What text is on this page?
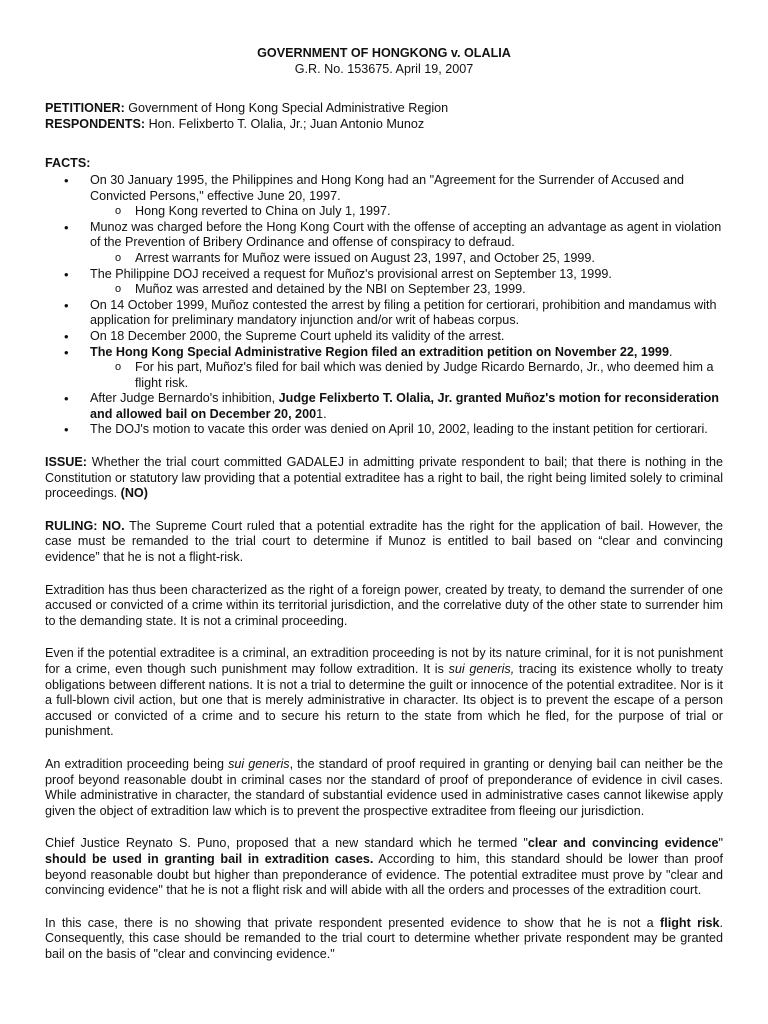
GOVERNMENT OF HONGKONG v. OLALIA

G.R. No. 153675. April 19, 2007

PETITIONER: Government of Hong Kong Special Administrative Region

RESPONDENTS: Hon. Felixberto T. Olalia, Jr.; Juan Antonio Munoz

FACTS:

• On 30 January 1995, the Philippines and Hong Kong had an "Agreement for the Surrender of Accused and Convicted Persons," effective June 20, 1997.
o Hong Kong reverted to China on July 1, 1997.
• Munoz was charged before the Hong Kong Court with the offense of accepting an advantage as agent in violation of the Prevention of Bribery Ordinance and offense of conspiracy to defraud.
o Arrest warrants for Muñoz were issued on August 23, 1997, and October 25, 1999.
• The Philippine DOJ received a request for Muñoz's provisional arrest on September 13, 1999.
o Muñoz was arrested and detained by the NBI on September 23, 1999.
• On 14 October 1999, Muñoz contested the arrest by filing a petition for certiorari, prohibition and mandamus with application for preliminary mandatory injunction and/or writ of habeas corpus.
• On 18 December 2000, the Supreme Court upheld its validity of the arrest.
• The Hong Kong Special Administrative Region filed an extradition petition on November 22, 1999.
o For his part, Muñoz's filed for bail which was denied by Judge Ricardo Bernardo, Jr., who deemed him a flight risk.
• After Judge Bernardo's inhibition, Judge Felixberto T. Olalia, Jr. granted Muñoz's motion for reconsideration and allowed bail on December 20, 2001.
• The DOJ's motion to vacate this order was denied on April 10, 2002, leading to the instant petition for certiorari.

ISSUE: Whether the trial court committed GADALEJ in admitting private respondent to bail; that there is nothing in the Constitution or statutory law providing that a potential extraditee has a right to bail, the right being limited solely to criminal proceedings. (NO)

RULING: NO. The Supreme Court ruled that a potential extradite has the right for the application of bail. However, the case must be remanded to the trial court to determine if Munoz is entitled to bail based on “clear and convincing evidence” that he is not a flight-risk.

Extradition has thus been characterized as the right of a foreign power, created by treaty, to demand the surrender of one accused or convicted of a crime within its territorial jurisdiction, and the correlative duty of the other state to surrender him to the demanding state. It is not a criminal proceeding.

Even if the potential extraditee is a criminal, an extradition proceeding is not by its nature criminal, for it is not punishment for a crime, even though such punishment may follow extradition. It is sui generis, tracing its existence wholly to treaty obligations between different nations. It is not a trial to determine the guilt or innocence of the potential extraditee. Nor is it a full-blown civil action, but one that is merely administrative in character. Its object is to prevent the escape of a person accused or convicted of a crime and to secure his return to the state from which he fled, for the purpose of trial or punishment.

An extradition proceeding being sui generis, the standard of proof required in granting or denying bail can neither be the proof beyond reasonable doubt in criminal cases nor the standard of proof of preponderance of evidence in civil cases. While administrative in character, the standard of substantial evidence used in administrative cases cannot likewise apply given the object of extradition law which is to prevent the prospective extraditee from fleeing our jurisdiction.

Chief Justice Reynato S. Puno, proposed that a new standard which he termed "clear and convincing evidence" should be used in granting bail in extradition cases. According to him, this standard should be lower than proof beyond reasonable doubt but higher than preponderance of evidence. The potential extraditee must prove by "clear and convincing evidence" that he is not a flight risk and will abide with all the orders and processes of the extradition court.

In this case, there is no showing that private respondent presented evidence to show that he is not a flight risk. Consequently, this case should be remanded to the trial court to determine whether private respondent may be granted bail on the basis of "clear and convincing evidence."
